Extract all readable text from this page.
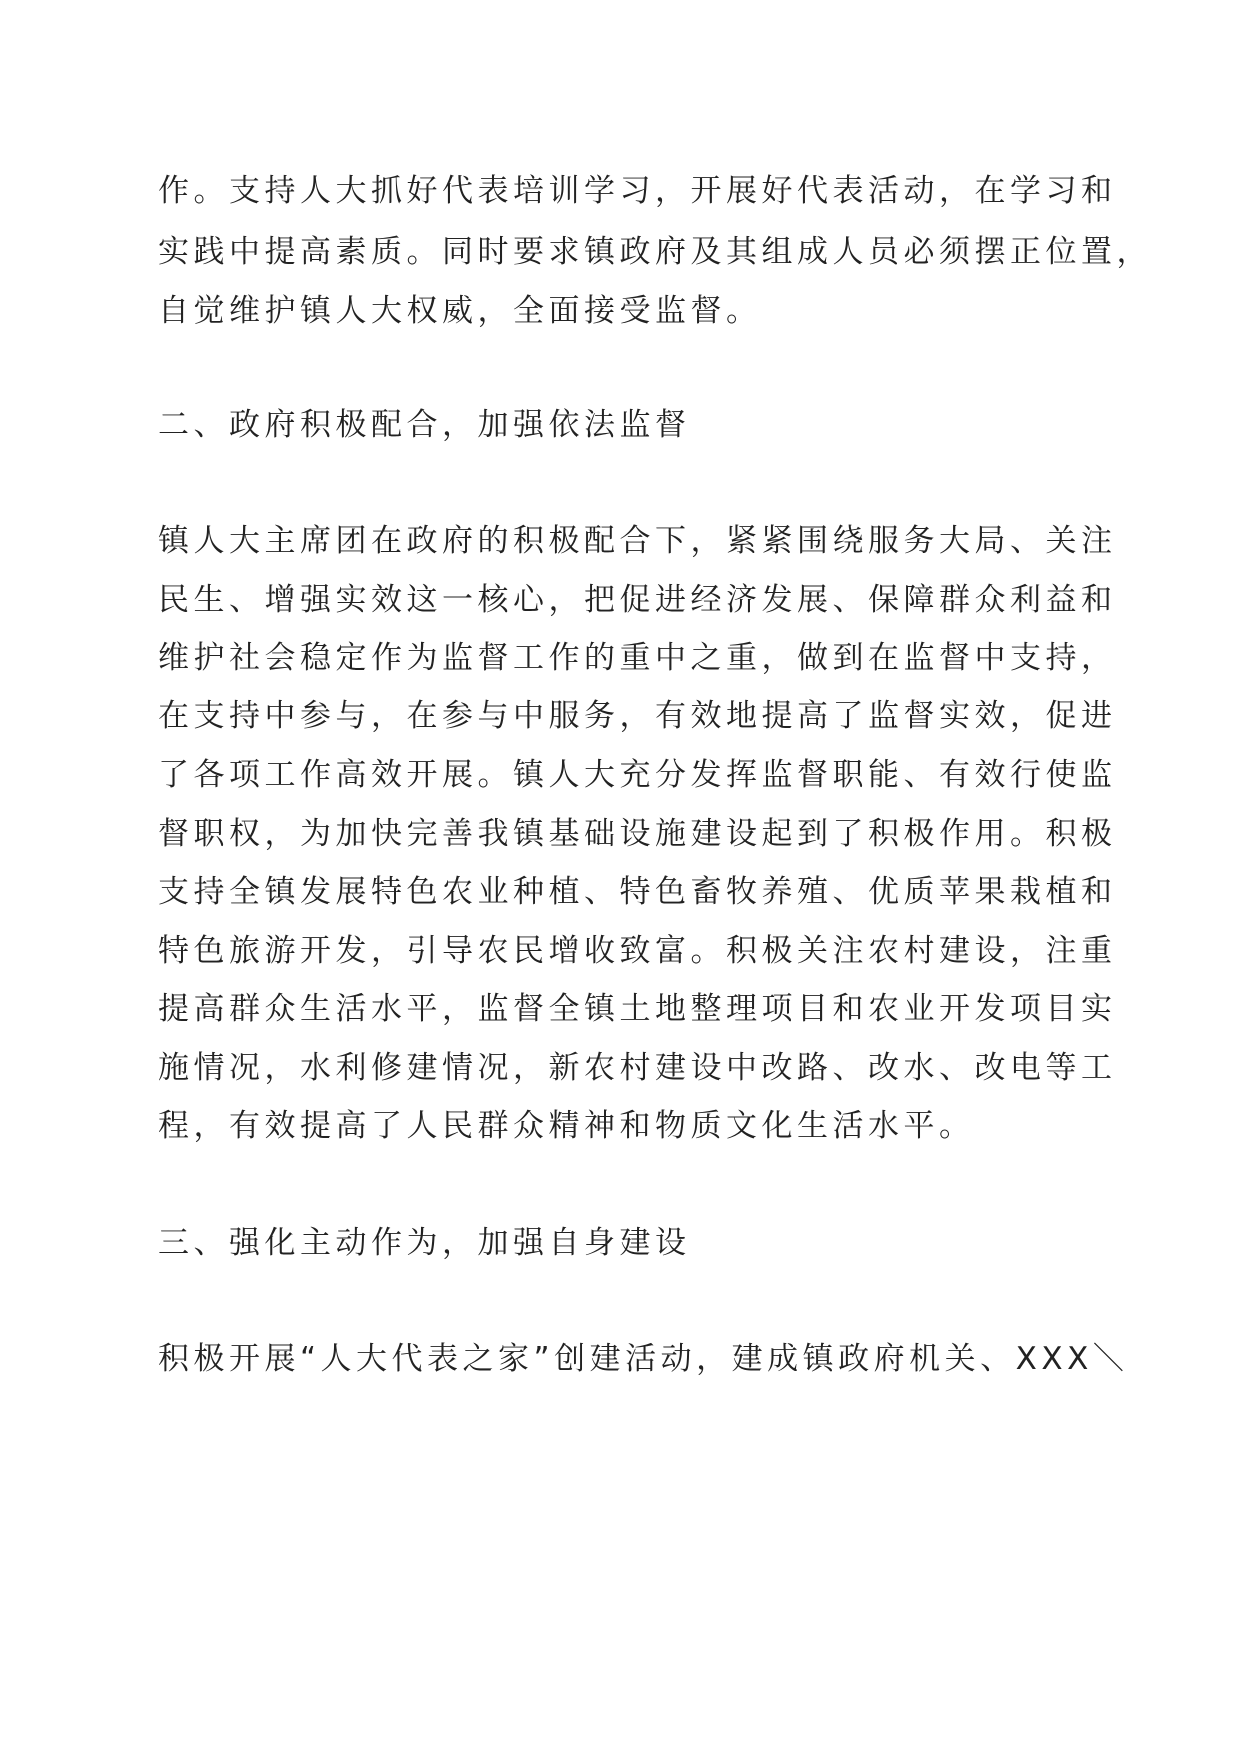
作。支持人大抓好代表培训学习，开展好代表活动，在学习和
实践中提高素质。同时要求镇政府及其组成人员必须摆正位置，
自觉维护镇人大权威，全面接受监督。
二、政府积极配合，加强依法监督
镇人大主席团在政府的积极配合下，紧紧围绕服务大局、关注
民生、增强实效这一核心，把促进经济发展、保障群众利益和
维护社会稳定作为监督工作的重中之重，做到在监督中支持，
在支持中参与，在参与中服务，有效地提高了监督实效，促进
了各项工作高效开展。镇人大充分发挥监督职能、有效行使监
督职权，为加快完善我镇基础设施建设起到了积极作用。积极
支持全镇发展特色农业种植、特色畜牧养殖、优质苹果栽植和
特色旅游开发，引导农民增收致富。积极关注农村建设，注重
提高群众生活水平，监督全镇土地整理项目和农业开发项目实
施情况，水利修建情况，新农村建设中改路、改水、改电等工
程，有效提高了人民群众精神和物质文化生活水平。
三、强化主动作为，加强自身建设
积极开展“人大代表之家”创建活动，建成镇政府机关、XXX＼
